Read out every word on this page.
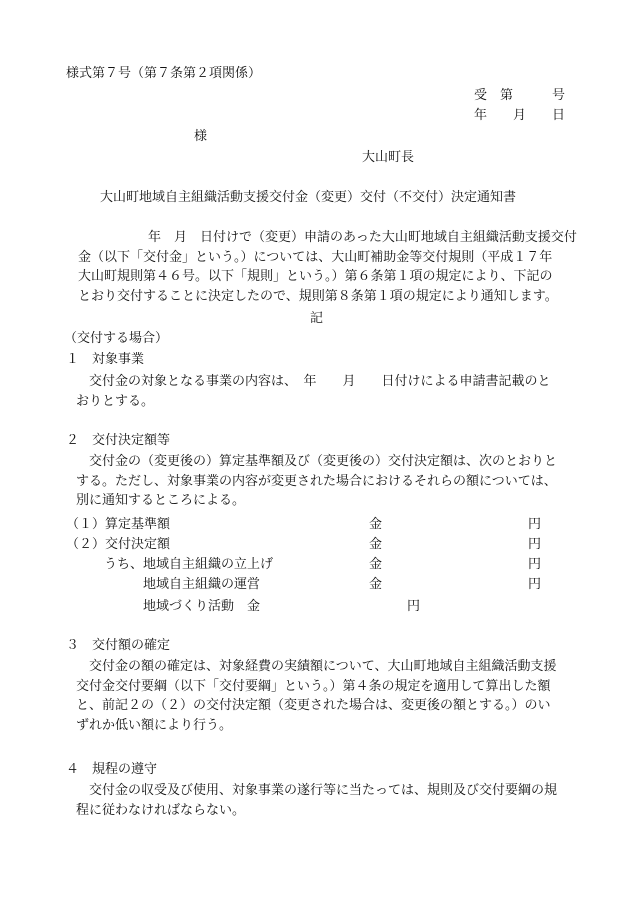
様式第７号（第７条第２項関係）
受　第　　　号
年　　月　　日
様
大山町長
大山町地域自主組織活動支援交付金（変更）交付（不交付）決定通知書

　　年　月　日付けで（変更）申請のあった大山町地域自主組織活動支援交付

金（以下「交付金」という。）については、大山町補助金等交付規則（平成１７年

大山町規則第４６号。以下「規則」という。）第６条第１項の規定により、下記の

とおり交付することに決定したので、規則第８条第１項の規定により通知します。

記
（交付する場合）
１　対象事業

交付金の対象となる事業の内容は、　年　　月　　日付けによる申請書記載のと

おりとする。

２　交付決定額等

交付金の（変更後の）算定基準額及び（変更後の）交付決定額は、次のとおりと

する。ただし、対象事業の内容が変更された場合におけるそれらの額については、

別に通知するところによる。

（１）算定基準額	金	円
（２）交付決定額	金	円
うち、地域自主組織の立上げ	金	円
地域自主組織の運営	金	円
地域づくり活動　金	円
３　交付額の確定

交付金の額の確定は、対象経費の実績額について、大山町地域自主組織活動支援

交付金交付要綱（以下「交付要綱」という。）第４条の規定を適用して算出した額

と、前記２の（２）の交付決定額（変更された場合は、変更後の額とする。）のい

ずれか低い額により行う。

４　規程の遵守

交付金の収受及び使用、対象事業の遂行等に当たっては、規則及び交付要綱の規

程に従わなければならない。
